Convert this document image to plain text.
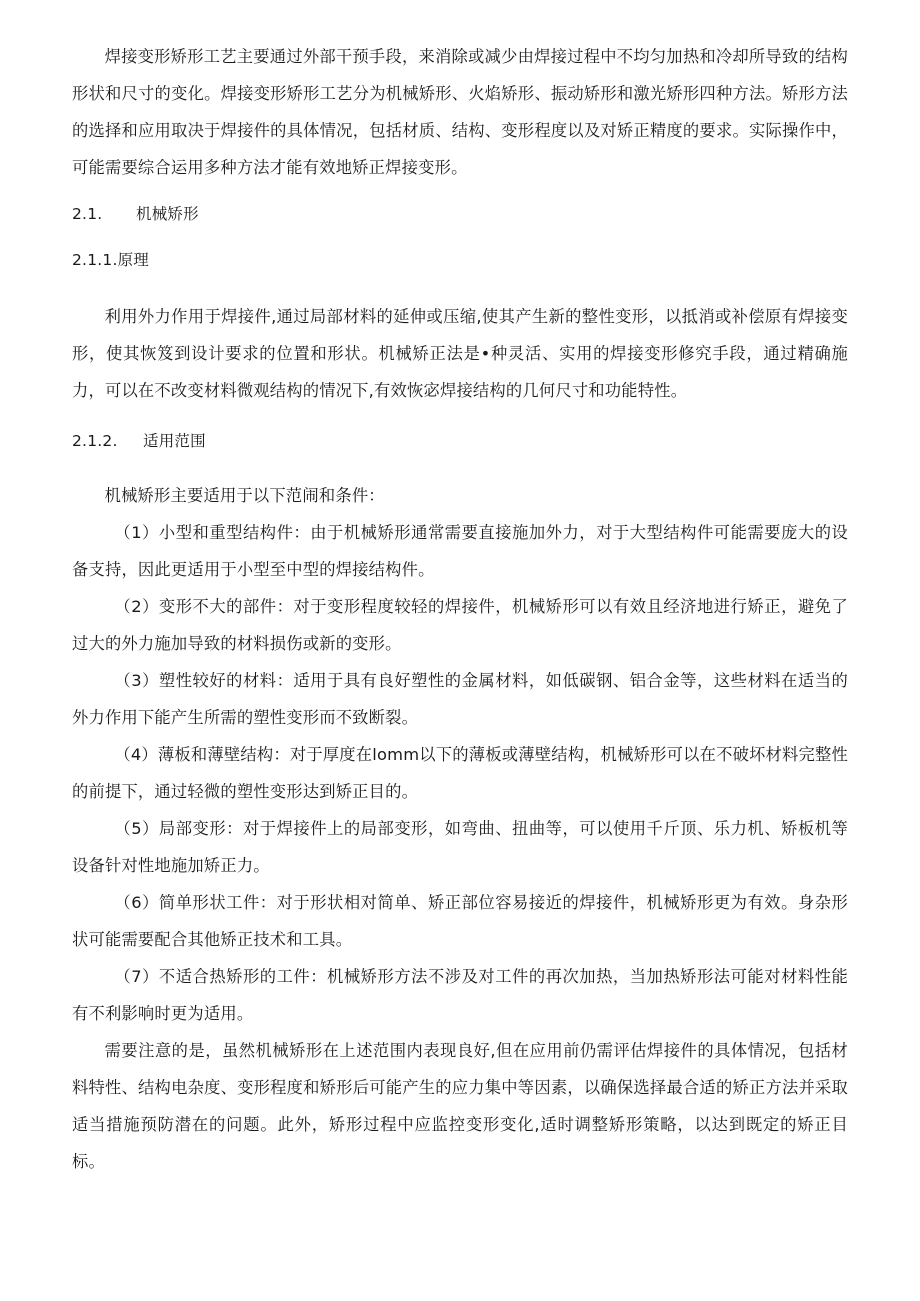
焊接变形矫形工艺主要通过外部干预手段，来消除或减少由焊接过程中不均匀加热和冷却所导致的结构形状和尺寸的变化。焊接变形矫形工艺分为机械矫形、火焰矫形、振动矫形和激光矫形四种方法。矫形方法的选择和应用取决于焊接件的具体情况，包括材质、结构、变形程度以及对矫正精度的要求。实际操作中，可能需要综合运用多种方法才能有效地矫正焊接变形。

2.1. 机械矫形

2.1.1.原理

利用外力作用于焊接件,通过局部材料的延伸或压缩,使其产生新的整性变形，以抵消或补偿原有焊接变形，使其恢笈到设计要求的位置和形状。机械矫正法是•种灵活、实用的焊接变形修究手段，通过精确施力，可以在不改变材料微观结构的情况下,有效恢宓焊接结构的几何尺寸和功能特性。

2.1.2. 适用范围

机械矫形主要适用于以下范闹和条件：

（1）小型和重型结构件：由于机械矫形通常需要直接施加外力，对于大型结构件可能需要庞大的设备支持，因此更适用于小型至中型的焊接结构件。

（2）变形不大的部件：对于变形程度较轻的焊接件，机械矫形可以有效且经济地进行矫正，避免了过大的外力施加导致的材料损伤或新的变形。

（3）塑性较好的材料：适用于具有良好塑性的金属材料，如低碳钢、铝合金等，这些材料在适当的外力作用下能产生所需的塑性变形而不致断裂。

（4）薄板和薄壁结构：对于厚度在lomm以下的薄板或薄壁结构，机械矫形可以在不破坏材料完整性的前提下，通过轻微的塑性变形达到矫正目的。

（5）局部变形：对于焊接件上的局部变形，如弯曲、扭曲等，可以使用千斤顶、乐力机、矫板机等设备针对性地施加矫正力。

（6）简单形状工件：对于形状相对简单、矫正部位容易接近的焊接件，机械矫形更为有效。身杂形状可能需要配合其他矫正技术和工具。

（7）不适合热矫形的工件：机械矫形方法不涉及对工件的再次加热，当加热矫形法可能对材料性能有不利影响时更为适用。

需要注意的是，虽然机械矫形在上述范围内表现良好,但在应用前仍需评估焊接件的具体情况，包括材料特性、结构电杂度、变形程度和矫形后可能产生的应力集中等因素，以确保选择最合适的矫正方法并采取适当措施预防潜在的问题。此外，矫形过程中应监控变形变化,适时调整矫形策略，以达到既定的矫正目标。
